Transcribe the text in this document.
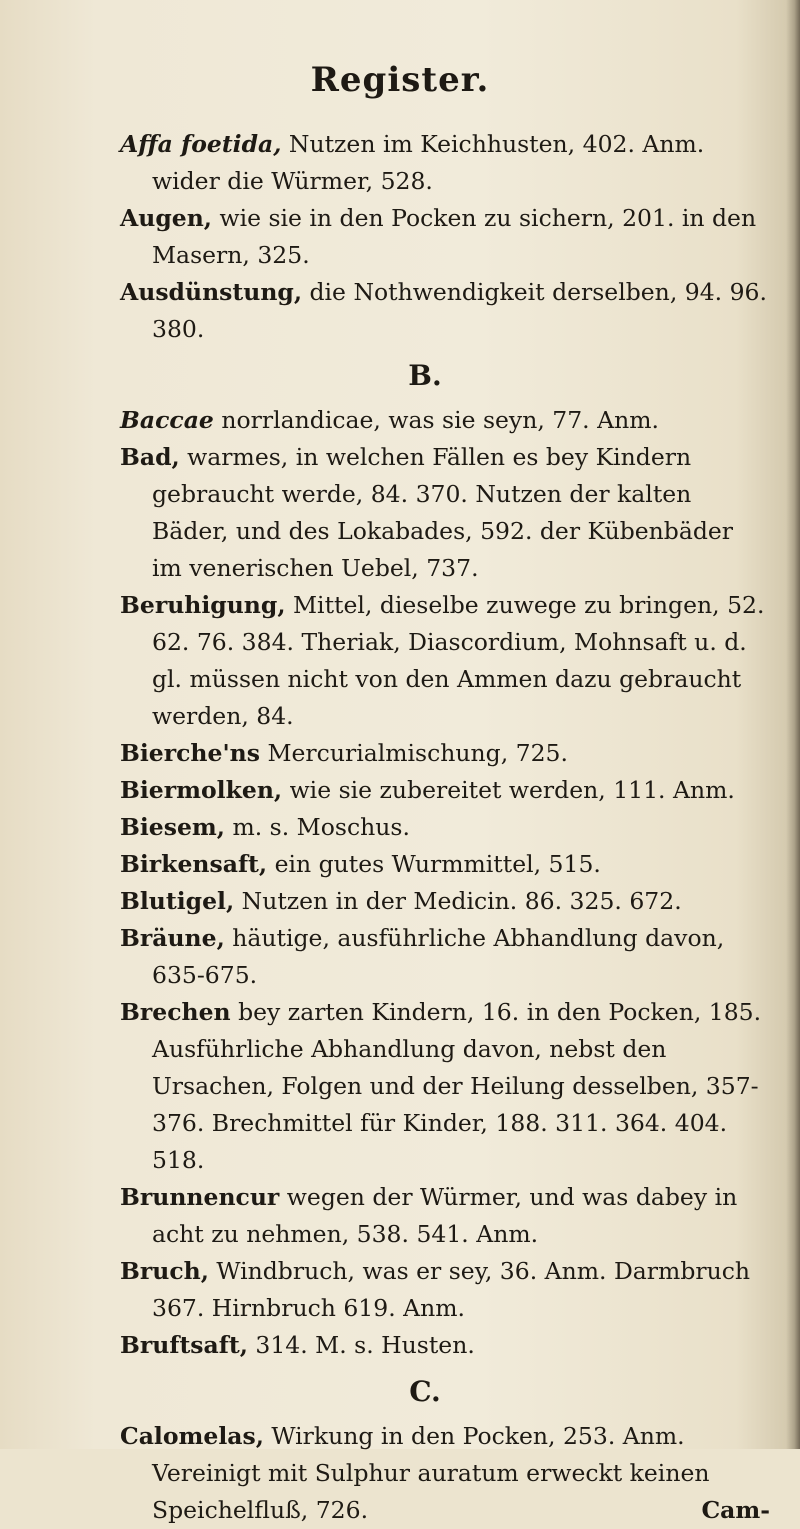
Register.

Affa foetida, Nutzen im Keichhusten, 402. Anm. wider die Würmer, 528.

Augen, wie sie in den Pocken zu sichern, 201. in den Masern, 325.

Ausdünstung, die Nothwendigkeit derselben, 94. 96. 380.

B.

Baccae norrlandicae, was sie seyn, 77. Anm.

Bad, warmes, in welchen Fällen es bey Kindern gebraucht werde, 84. 370. Nutzen der kalten Bäder, und des Lokabades, 592. der Kübenbäder im venerischen Uebel, 737.

Beruhigung, Mittel, dieselbe zuwege zu bringen, 52. 62. 76. 384. Theriak, Diascordium, Mohnsaft u. d. gl. müssen nicht von den Ammen dazu gebraucht werden, 84.

Bierche'ns Mercurialmischung, 725.

Biermolken, wie sie zubereitet werden, 111. Anm.

Biesem, m. s. Moschus.

Birkensaft, ein gutes Wurmmittel, 515.

Blutigel, Nutzen in der Medicin. 86. 325. 672.

Bräune, häutige, ausführliche Abhandlung davon, 635-675.

Brechen bey zarten Kindern, 16. in den Pocken, 185. Ausführliche Abhandlung davon, nebst den Ursachen, Folgen und der Heilung desselben, 357-376. Brechmittel für Kinder, 188. 311. 364. 404. 518.

Brunnencur wegen der Würmer, und was dabey in acht zu nehmen, 538. 541. Anm.

Bruch, Windbruch, was er sey, 36. Anm. Darmbruch 367. Hirnbruch 619. Anm.

Bruftsaft, 314. M. s. Husten.

C.

Calomelas, Wirkung in den Pocken, 253. Anm. Vereinigt mit Sulphur auratum erweckt keinen Speichelfluß, 726.	Cam-
